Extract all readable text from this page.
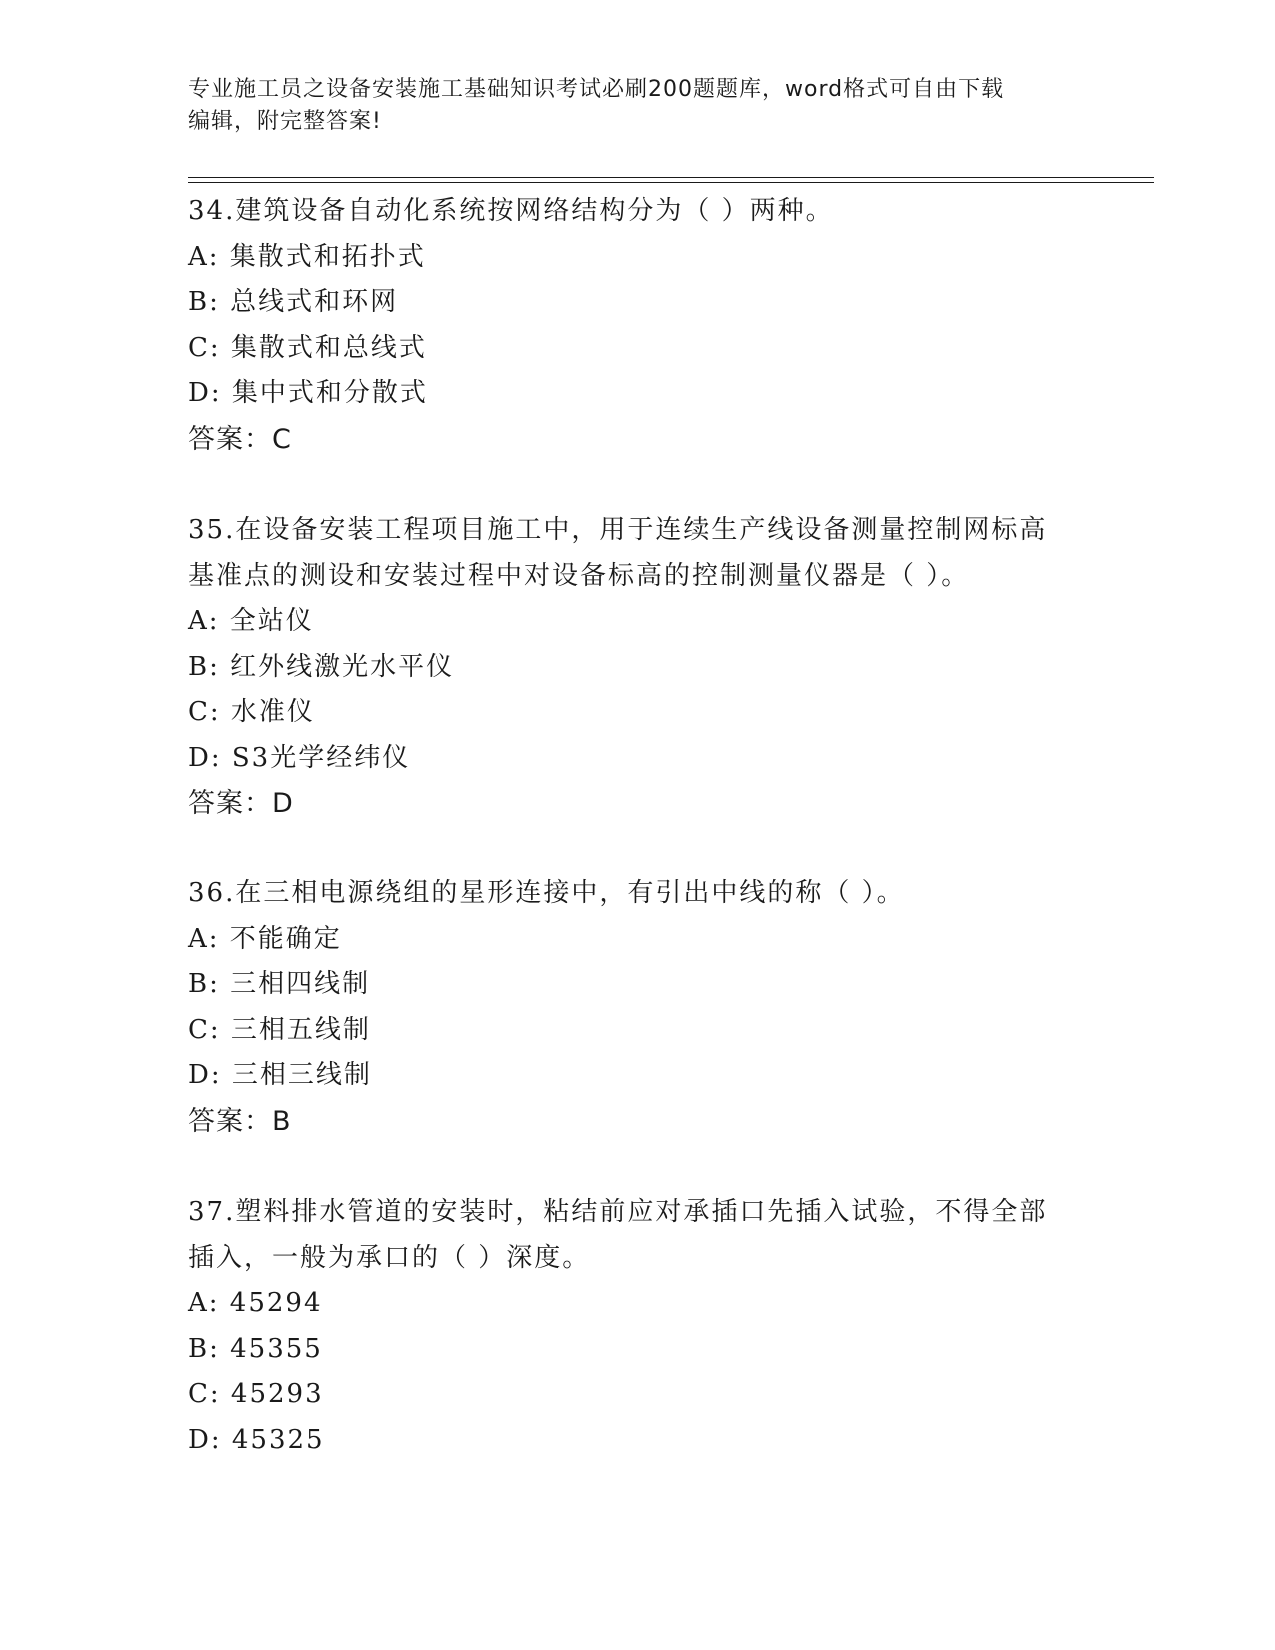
专业施工员之设备安装施工基础知识考试必刷200题题库，word格式可自由下载
编辑，附完整答案!
34.建筑设备自动化系统按网络结构分为（ ）两种。
A: 集散式和拓扑式
B: 总线式和环网
C: 集散式和总线式
D: 集中式和分散式
答案：C
35.在设备安装工程项目施工中，用于连续生产线设备测量控制网标高
基准点的测设和安装过程中对设备标高的控制测量仪器是（ ）。
A: 全站仪
B: 红外线激光水平仪
C: 水准仪
D: S3光学经纬仪
答案：D
36.在三相电源绕组的星形连接中，有引出中线的称（ ）。
A: 不能确定
B: 三相四线制
C: 三相五线制
D: 三相三线制
答案：B
37.塑料排水管道的安装时，粘结前应对承插口先插入试验，不得全部
插入，一般为承口的（ ）深度。
A: 45294
B: 45355
C: 45293
D: 45325
